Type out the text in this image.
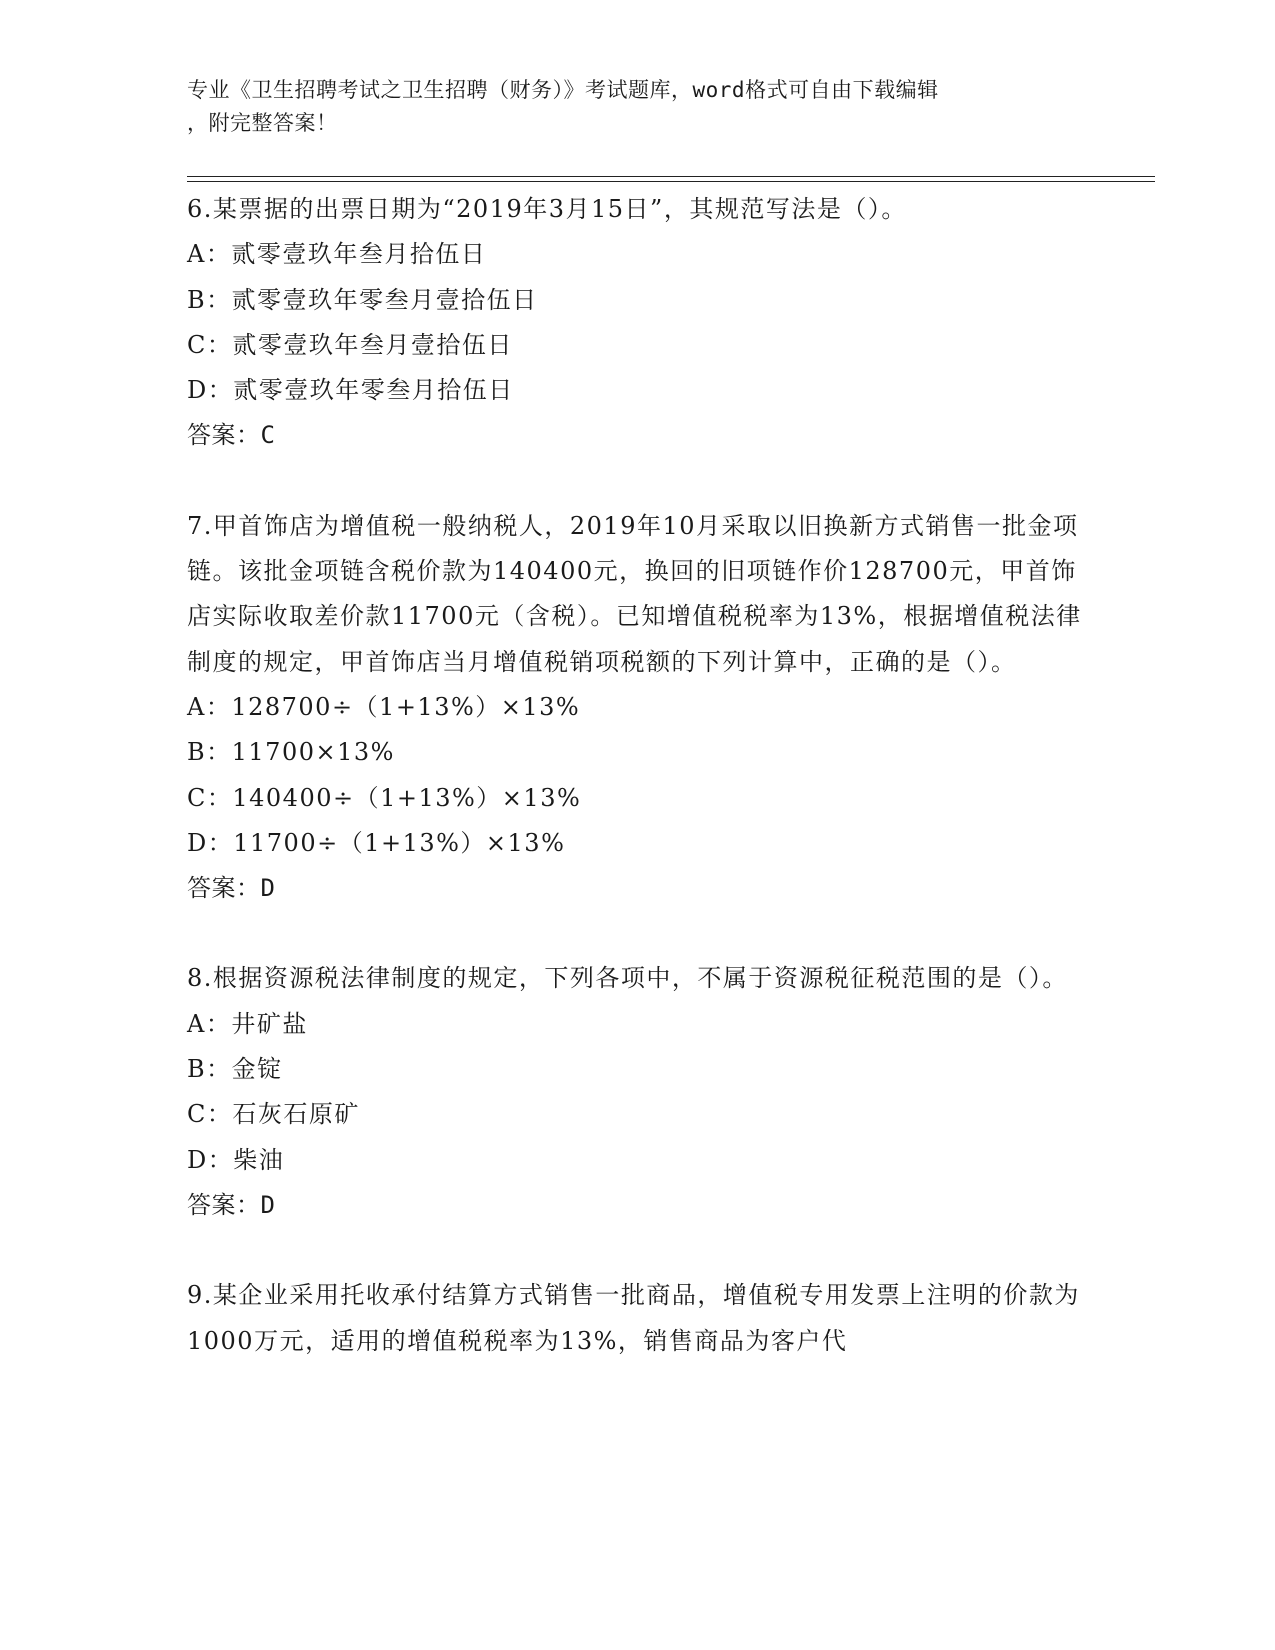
专业《卫生招聘考试之卫生招聘（财务）》考试题库，word格式可自由下载编辑
，附完整答案！
6.某票据的出票日期为“2019年3月15日”，其规范写法是（）。
A：贰零壹玖年叁月拾伍日
B：贰零壹玖年零叁月壹拾伍日
C：贰零壹玖年叁月壹拾伍日
D：贰零壹玖年零叁月拾伍日
答案：C
7.甲首饰店为增值税一般纳税人，2019年10月采取以旧换新方式销售一批金项链。该批金项链含税价款为140400元，换回的旧项链作价128700元，甲首饰店实际收取差价款11700元（含税）。已知增值税税率为13%，根据增值税法律制度的规定，甲首饰店当月增值税销项税额的下列计算中，正确的是（）。
A：128700÷（1+13%）×13%
B：11700×13%
C：140400÷（1+13%）×13%
D：11700÷（1+13%）×13%
答案：D
8.根据资源税法律制度的规定，下列各项中，不属于资源税征税范围的是（）。
A：井矿盐
B：金锭
C：石灰石原矿
D：柴油
答案：D
9.某企业采用托收承付结算方式销售一批商品，增值税专用发票上注明的价款为1000万元，适用的增值税税率为13%，销售商品为客户代
